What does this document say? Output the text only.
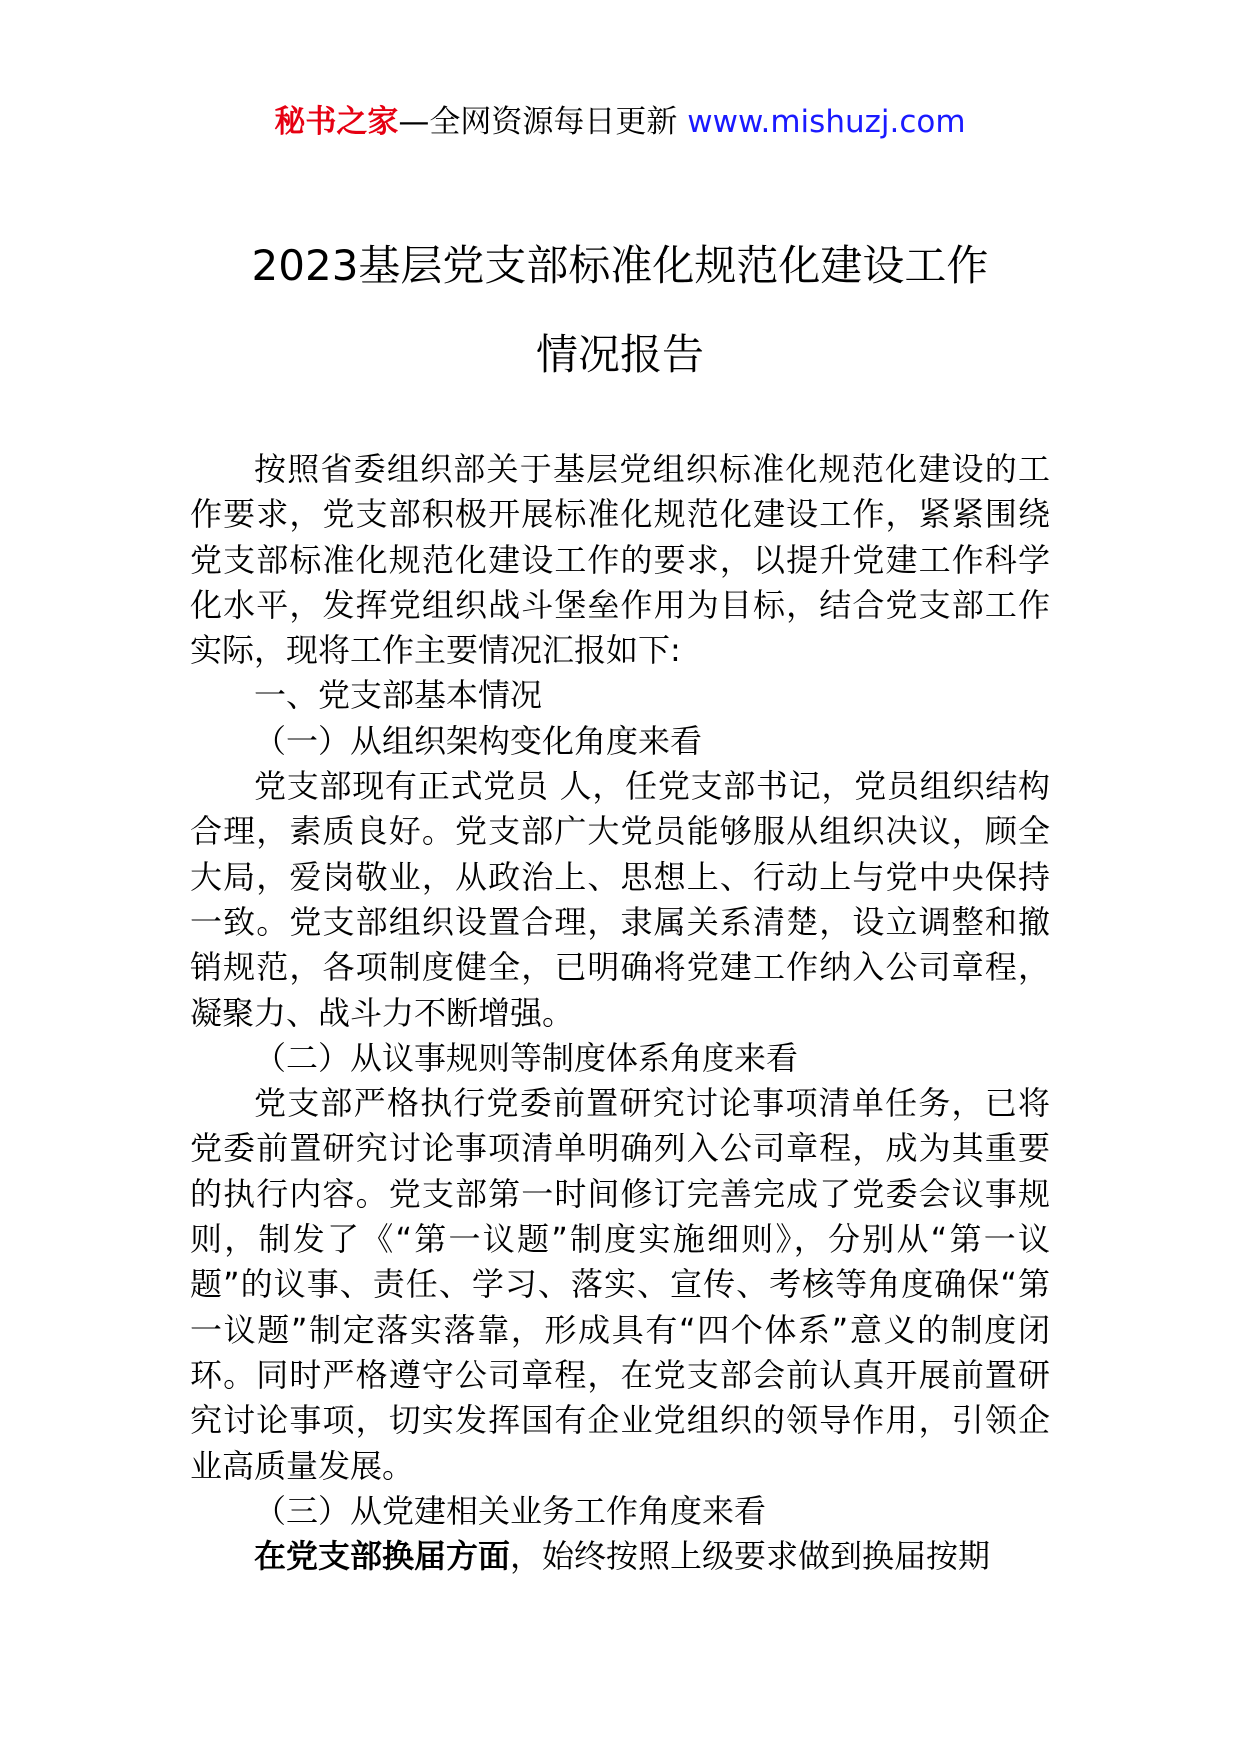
秘书之家—全网资源每日更新 www.mishuzj.com
2023基层党支部标准化规范化建设工作
情况报告

按照省委组织部关于基层党组织标准化规范化建设的工作要求，党支部积极开展标准化规范化建设工作，紧紧围绕党支部标准化规范化建设工作的要求，以提升党建工作科学化水平，发挥党组织战斗堡垒作用为目标，结合党支部工作实际，现将工作主要情况汇报如下:

一、党支部基本情况

（一）从组织架构变化角度来看

党支部现有正式党员 人，任党支部书记，党员组织结构合理，素质良好。党支部广大党员能够服从组织决议，顾全大局，爱岗敬业，从政治上、思想上、行动上与党中央保持一致。党支部组织设置合理，隶属关系清楚，设立调整和撤销规范，各项制度健全，已明确将党建工作纳入公司章程，凝聚力、战斗力不断增强。

（二）从议事规则等制度体系角度来看

党支部严格执行党委前置研究讨论事项清单任务，已将党委前置研究讨论事项清单明确列入公司章程，成为其重要的执行内容。党支部第一时间修订完善完成了党委会议事规则，制发了《“第一议题”制度实施细则》，分别从“第一议题”的议事、责任、学习、落实、宣传、考核等角度确保“第一议题”制定落实落靠，形成具有“四个体系”意义的制度闭环。同时严格遵守公司章程，在党支部会前认真开展前置研究讨论事项，切实发挥国有企业党组织的领导作用，引领企业高质量发展。

（三）从党建相关业务工作角度来看

在党支部换届方面，始终按照上级要求做到换届按期
